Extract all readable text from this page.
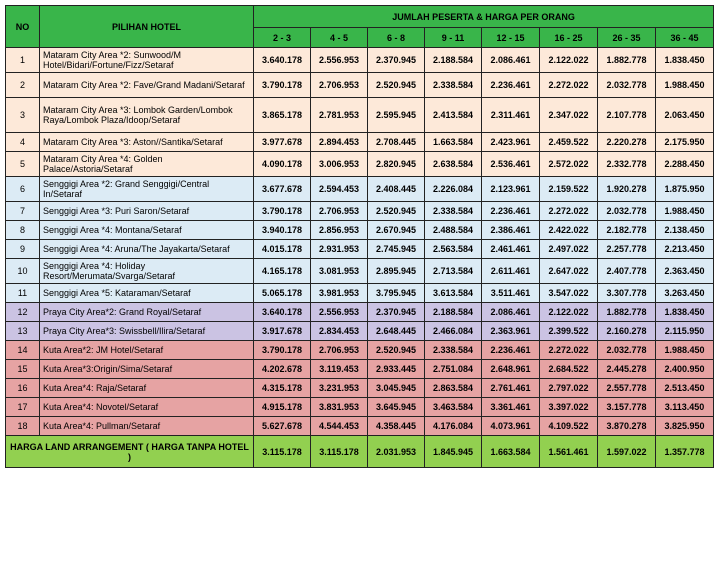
NO	PILIHAN HOTEL	JUMLAH PESERTA & HARGA PER ORANG							
		2 - 3	4 - 5	6 - 8	9 - 11	12 - 15	16 - 25	26 - 35	36 - 45
1	Mataram City Area *2: Sunwood/M Hotel/Bidari/Fortune/Fizz/Setaraf	3.640.178	2.556.953	2.370.945	2.188.584	2.086.461	2.122.022	1.882.778	1.838.450
2	Mataram City Area *2: Fave/Grand Madani/Setaraf	3.790.178	2.706.953	2.520.945	2.338.584	2.236.461	2.272.022	2.032.778	1.988.450
3	Mataram City Area *3: Lombok Garden/Lombok Raya/Lombok Plaza/Idoop/Setaraf	3.865.178	2.781.953	2.595.945	2.413.584	2.311.461	2.347.022	2.107.778	2.063.450
4	Mataram City Area *3: Aston//Santika/Setaraf	3.977.678	2.894.453	2.708.445	1.663.584	2.423.961	2.459.522	2.220.278	2.175.950
5	Mataram City Area *4: Golden Palace/Astoria/Setaraf	4.090.178	3.006.953	2.820.945	2.638.584	2.536.461	2.572.022	2.332.778	2.288.450
6	Senggigi Area *2: Grand Senggigi/Central In/Setaraf	3.677.678	2.594.453	2.408.445	2.226.084	2.123.961	2.159.522	1.920.278	1.875.950
7	Senggigi Area *3: Puri Saron/Setaraf	3.790.178	2.706.953	2.520.945	2.338.584	2.236.461	2.272.022	2.032.778	1.988.450
8	Senggigi Area *4: Montana/Setaraf	3.940.178	2.856.953	2.670.945	2.488.584	2.386.461	2.422.022	2.182.778	2.138.450
9	Senggigi Area *4: Aruna/The Jayakarta/Setaraf	4.015.178	2.931.953	2.745.945	2.563.584	2.461.461	2.497.022	2.257.778	2.213.450
10	Senggigi Area *4: Holiday Resort/Merumata/Svarga/Setaraf	4.165.178	3.081.953	2.895.945	2.713.584	2.611.461	2.647.022	2.407.778	2.363.450
11	Senggigi Area *5: Kataraman/Setaraf	5.065.178	3.981.953	3.795.945	3.613.584	3.511.461	3.547.022	3.307.778	3.263.450
12	Praya City Area*2: Grand Royal/Setaraf	3.640.178	2.556.953	2.370.945	2.188.584	2.086.461	2.122.022	1.882.778	1.838.450
13	Praya City Area*3: Swissbell/Ilira/Setaraf	3.917.678	2.834.453	2.648.445	2.466.084	2.363.961	2.399.522	2.160.278	2.115.950
14	Kuta Area*2: JM Hotel/Setaraf	3.790.178	2.706.953	2.520.945	2.338.584	2.236.461	2.272.022	2.032.778	1.988.450
15	Kuta Area*3:Origin/Sima/Setaraf	4.202.678	3.119.453	2.933.445	2.751.084	2.648.961	2.684.522	2.445.278	2.400.950
16	Kuta Area*4: Raja/Setaraf	4.315.178	3.231.953	3.045.945	2.863.584	2.761.461	2.797.022	2.557.778	2.513.450
17	Kuta Area*4: Novotel/Setaraf	4.915.178	3.831.953	3.645.945	3.463.584	3.361.461	3.397.022	3.157.778	3.113.450
18	Kuta Area*4: Pullman/Setaraf	5.627.678	4.544.453	4.358.445	4.176.084	4.073.961	4.109.522	3.870.278	3.825.950
HARGA LAND ARRANGEMENT ( HARGA TANPA HOTEL )		3.115.178	3.115.178	2.031.953	1.845.945	1.663.584	1.561.461	1.597.022	1.357.778
